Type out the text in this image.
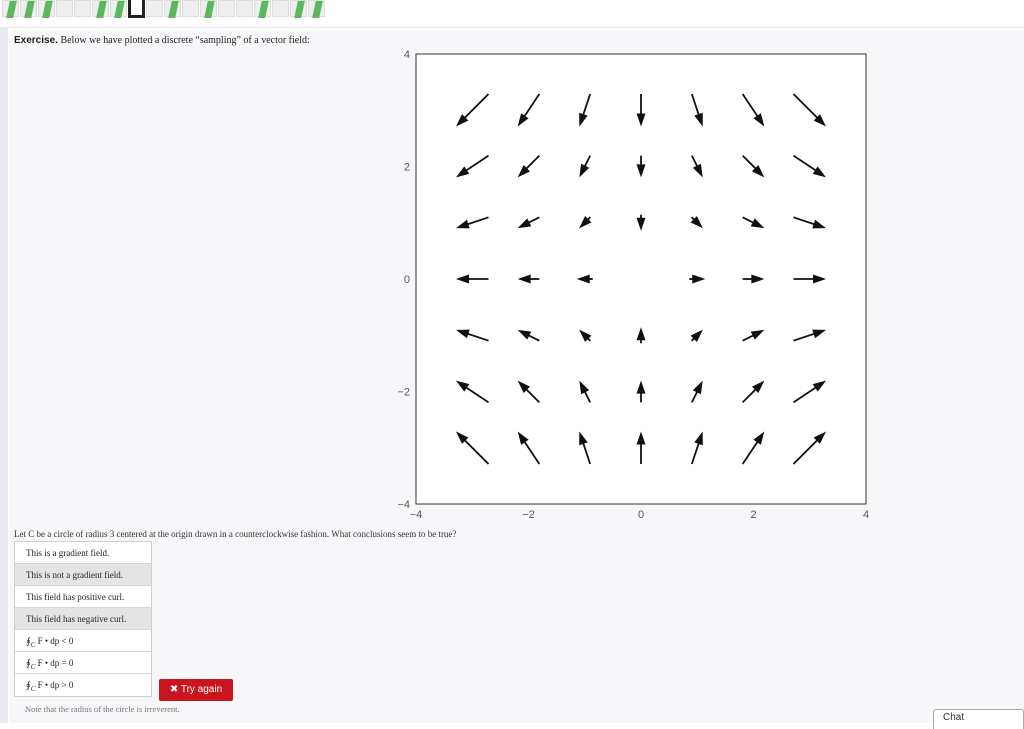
Exercise. Below we have plotted a discrete “sampling” of a vector field:
−4	−2	0	2	4
−4
−2
0
2
4
Let C be a circle of radius 3 centered at the origin drawn in a counterclockwise fashion. What conclusions seem to be true?
This is a gradient field.
This is not a gradient field.
This field has positive curl.
This field has negative curl.
$∮_C$ F • dp < 0
$∮_C$ F • dp = 0
$∮_C$ F • dp > 0	✖ Try again
Note that the radius of the circle is irreverent.
Chat
